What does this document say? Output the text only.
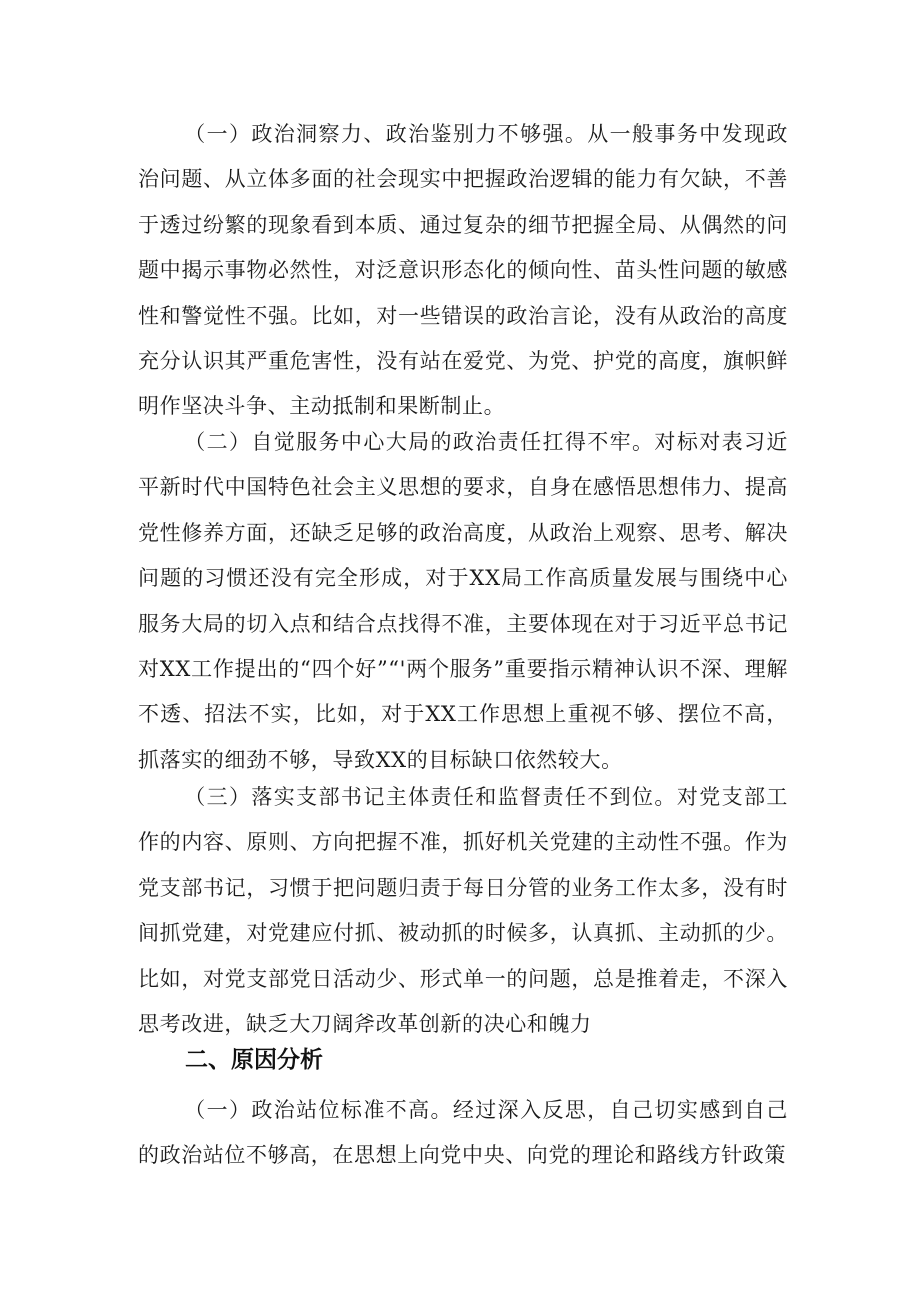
（一）政治洞察力、政治鉴别力不够强。从一般事务中发现政治问题、从立体多面的社会现实中把握政治逻辑的能力有欠缺，不善于透过纷繁的现象看到本质、通过复杂的细节把握全局、从偶然的问题中揭示事物必然性，对泛意识形态化的倾向性、苗头性问题的敏感性和警觉性不强。比如，对一些错误的政治言论，没有从政治的高度充分认识其严重危害性，没有站在爱党、为党、护党的高度，旗帜鲜明作坚决斗争、主动抵制和果断制止。

（二）自觉服务中心大局的政治责任扛得不牢。对标对表习近平新时代中国特色社会主义思想的要求，自身在感悟思想伟力、提高党性修养方面，还缺乏足够的政治高度，从政治上观察、思考、解决问题的习惯还没有完全形成，对于XX局工作高质量发展与围绕中心服务大局的切入点和结合点找得不准，主要体现在对于习近平总书记对XX工作提出的“四个好”“'两个服务”重要指示精神认识不深、理解不透、招法不实，比如，对于XX工作思想上重视不够、摆位不高，抓落实的细劲不够，导致XX的目标缺口依然较大。

（三）落实支部书记主体责任和监督责任不到位。对党支部工作的内容、原则、方向把握不准，抓好机关党建的主动性不强。作为党支部书记，习惯于把问题归责于每日分管的业务工作太多，没有时间抓党建，对党建应付抓、被动抓的时候多，认真抓、主动抓的少。比如，对党支部党日活动少、形式单一的问题，总是推着走，不深入思考改进，缺乏大刀阔斧改革创新的决心和魄力

二、原因分析

（一）政治站位标准不高。经过深入反思，自己切实感到自己的政治站位不够高，在思想上向党中央、向党的理论和路线方针政策
